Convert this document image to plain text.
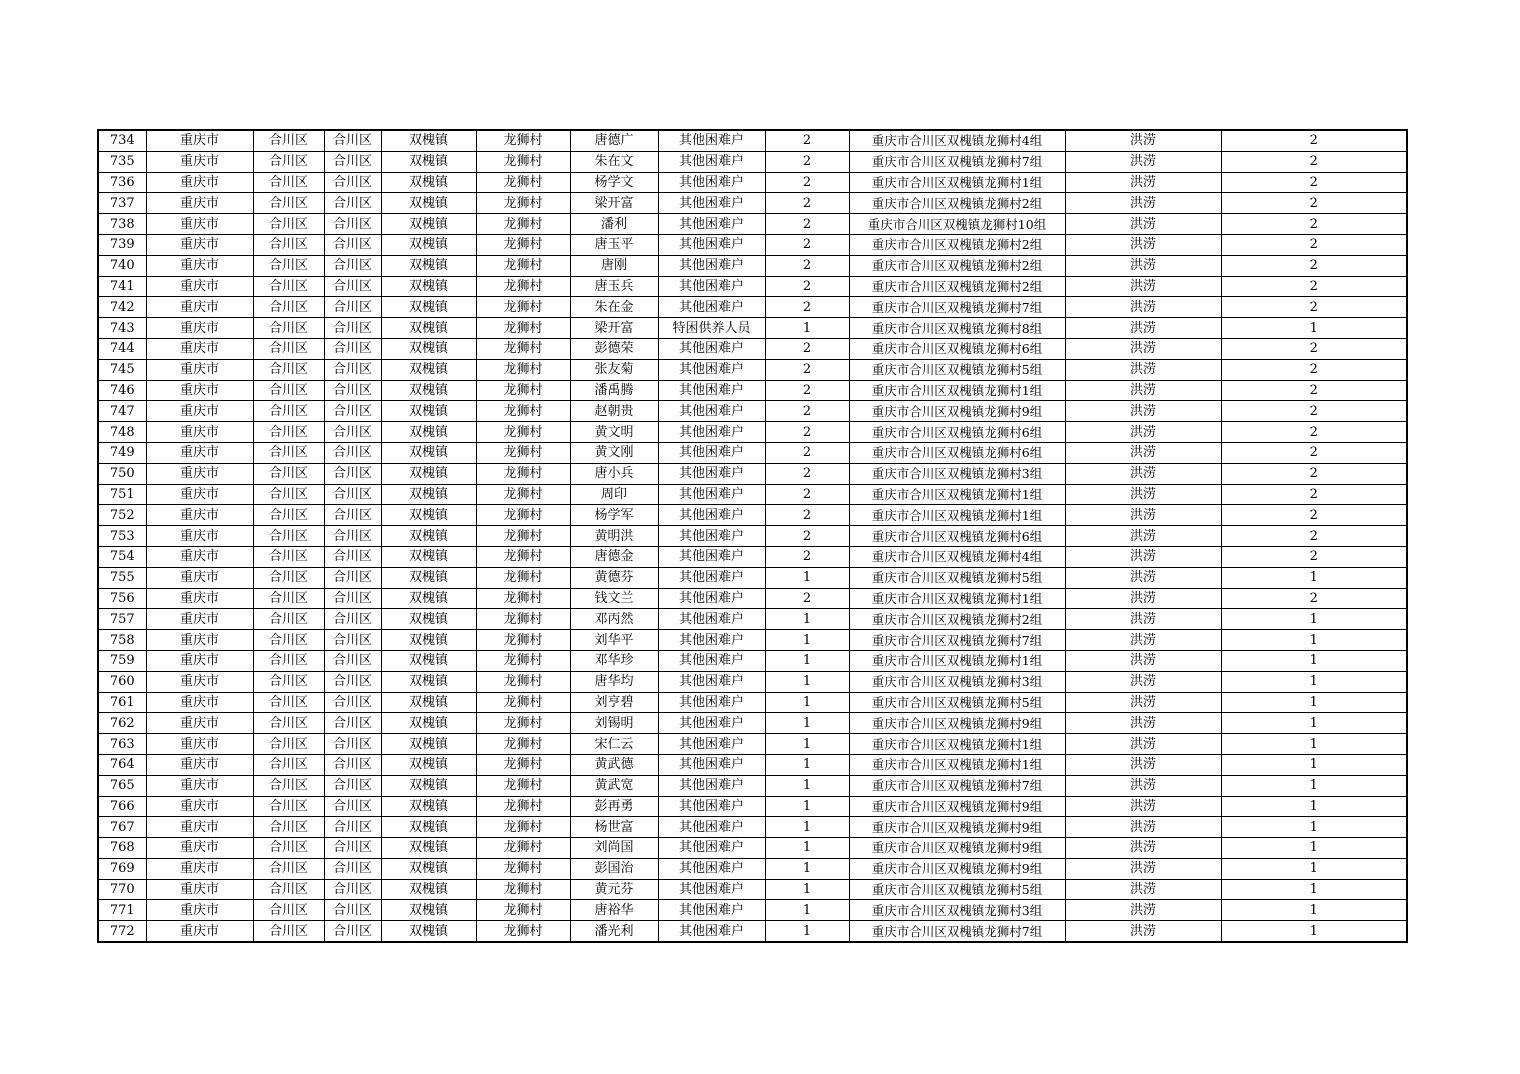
734	重庆市	合川区	合川区	双槐镇	龙狮村	唐德广	其他困难户	2	重庆市合川区双槐镇龙狮村4组	洪涝	2
735	重庆市	合川区	合川区	双槐镇	龙狮村	朱在文	其他困难户	2	重庆市合川区双槐镇龙狮村7组	洪涝	2
736	重庆市	合川区	合川区	双槐镇	龙狮村	杨学文	其他困难户	2	重庆市合川区双槐镇龙狮村1组	洪涝	2
737	重庆市	合川区	合川区	双槐镇	龙狮村	梁开富	其他困难户	2	重庆市合川区双槐镇龙狮村2组	洪涝	2
738	重庆市	合川区	合川区	双槐镇	龙狮村	潘利	其他困难户	2	重庆市合川区双槐镇龙狮村10组	洪涝	2
739	重庆市	合川区	合川区	双槐镇	龙狮村	唐玉平	其他困难户	2	重庆市合川区双槐镇龙狮村2组	洪涝	2
740	重庆市	合川区	合川区	双槐镇	龙狮村	唐刚	其他困难户	2	重庆市合川区双槐镇龙狮村2组	洪涝	2
741	重庆市	合川区	合川区	双槐镇	龙狮村	唐玉兵	其他困难户	2	重庆市合川区双槐镇龙狮村2组	洪涝	2
742	重庆市	合川区	合川区	双槐镇	龙狮村	朱在金	其他困难户	2	重庆市合川区双槐镇龙狮村7组	洪涝	2
743	重庆市	合川区	合川区	双槐镇	龙狮村	梁开富	特困供养人员	1	重庆市合川区双槐镇龙狮村8组	洪涝	1
744	重庆市	合川区	合川区	双槐镇	龙狮村	彭德荣	其他困难户	2	重庆市合川区双槐镇龙狮村6组	洪涝	2
745	重庆市	合川区	合川区	双槐镇	龙狮村	张友菊	其他困难户	2	重庆市合川区双槐镇龙狮村5组	洪涝	2
746	重庆市	合川区	合川区	双槐镇	龙狮村	潘禹腾	其他困难户	2	重庆市合川区双槐镇龙狮村1组	洪涝	2
747	重庆市	合川区	合川区	双槐镇	龙狮村	赵朝贵	其他困难户	2	重庆市合川区双槐镇龙狮村9组	洪涝	2
748	重庆市	合川区	合川区	双槐镇	龙狮村	黄文明	其他困难户	2	重庆市合川区双槐镇龙狮村6组	洪涝	2
749	重庆市	合川区	合川区	双槐镇	龙狮村	黄文刚	其他困难户	2	重庆市合川区双槐镇龙狮村6组	洪涝	2
750	重庆市	合川区	合川区	双槐镇	龙狮村	唐小兵	其他困难户	2	重庆市合川区双槐镇龙狮村3组	洪涝	2
751	重庆市	合川区	合川区	双槐镇	龙狮村	周印	其他困难户	2	重庆市合川区双槐镇龙狮村1组	洪涝	2
752	重庆市	合川区	合川区	双槐镇	龙狮村	杨学军	其他困难户	2	重庆市合川区双槐镇龙狮村1组	洪涝	2
753	重庆市	合川区	合川区	双槐镇	龙狮村	黄明洪	其他困难户	2	重庆市合川区双槐镇龙狮村6组	洪涝	2
754	重庆市	合川区	合川区	双槐镇	龙狮村	唐德金	其他困难户	2	重庆市合川区双槐镇龙狮村4组	洪涝	2
755	重庆市	合川区	合川区	双槐镇	龙狮村	黄德芬	其他困难户	1	重庆市合川区双槐镇龙狮村5组	洪涝	1
756	重庆市	合川区	合川区	双槐镇	龙狮村	钱文兰	其他困难户	2	重庆市合川区双槐镇龙狮村1组	洪涝	2
757	重庆市	合川区	合川区	双槐镇	龙狮村	邓丙然	其他困难户	1	重庆市合川区双槐镇龙狮村2组	洪涝	1
758	重庆市	合川区	合川区	双槐镇	龙狮村	刘华平	其他困难户	1	重庆市合川区双槐镇龙狮村7组	洪涝	1
759	重庆市	合川区	合川区	双槐镇	龙狮村	邓华珍	其他困难户	1	重庆市合川区双槐镇龙狮村1组	洪涝	1
760	重庆市	合川区	合川区	双槐镇	龙狮村	唐华均	其他困难户	1	重庆市合川区双槐镇龙狮村3组	洪涝	1
761	重庆市	合川区	合川区	双槐镇	龙狮村	刘亨碧	其他困难户	1	重庆市合川区双槐镇龙狮村5组	洪涝	1
762	重庆市	合川区	合川区	双槐镇	龙狮村	刘锡明	其他困难户	1	重庆市合川区双槐镇龙狮村9组	洪涝	1
763	重庆市	合川区	合川区	双槐镇	龙狮村	宋仁云	其他困难户	1	重庆市合川区双槐镇龙狮村1组	洪涝	1
764	重庆市	合川区	合川区	双槐镇	龙狮村	黄武德	其他困难户	1	重庆市合川区双槐镇龙狮村1组	洪涝	1
765	重庆市	合川区	合川区	双槐镇	龙狮村	黄武宽	其他困难户	1	重庆市合川区双槐镇龙狮村7组	洪涝	1
766	重庆市	合川区	合川区	双槐镇	龙狮村	彭再勇	其他困难户	1	重庆市合川区双槐镇龙狮村9组	洪涝	1
767	重庆市	合川区	合川区	双槐镇	龙狮村	杨世富	其他困难户	1	重庆市合川区双槐镇龙狮村9组	洪涝	1
768	重庆市	合川区	合川区	双槐镇	龙狮村	刘尚国	其他困难户	1	重庆市合川区双槐镇龙狮村9组	洪涝	1
769	重庆市	合川区	合川区	双槐镇	龙狮村	彭国治	其他困难户	1	重庆市合川区双槐镇龙狮村9组	洪涝	1
770	重庆市	合川区	合川区	双槐镇	龙狮村	黄元芬	其他困难户	1	重庆市合川区双槐镇龙狮村5组	洪涝	1
771	重庆市	合川区	合川区	双槐镇	龙狮村	唐裕华	其他困难户	1	重庆市合川区双槐镇龙狮村3组	洪涝	1
772	重庆市	合川区	合川区	双槐镇	龙狮村	潘光利	其他困难户	1	重庆市合川区双槐镇龙狮村7组	洪涝	1
